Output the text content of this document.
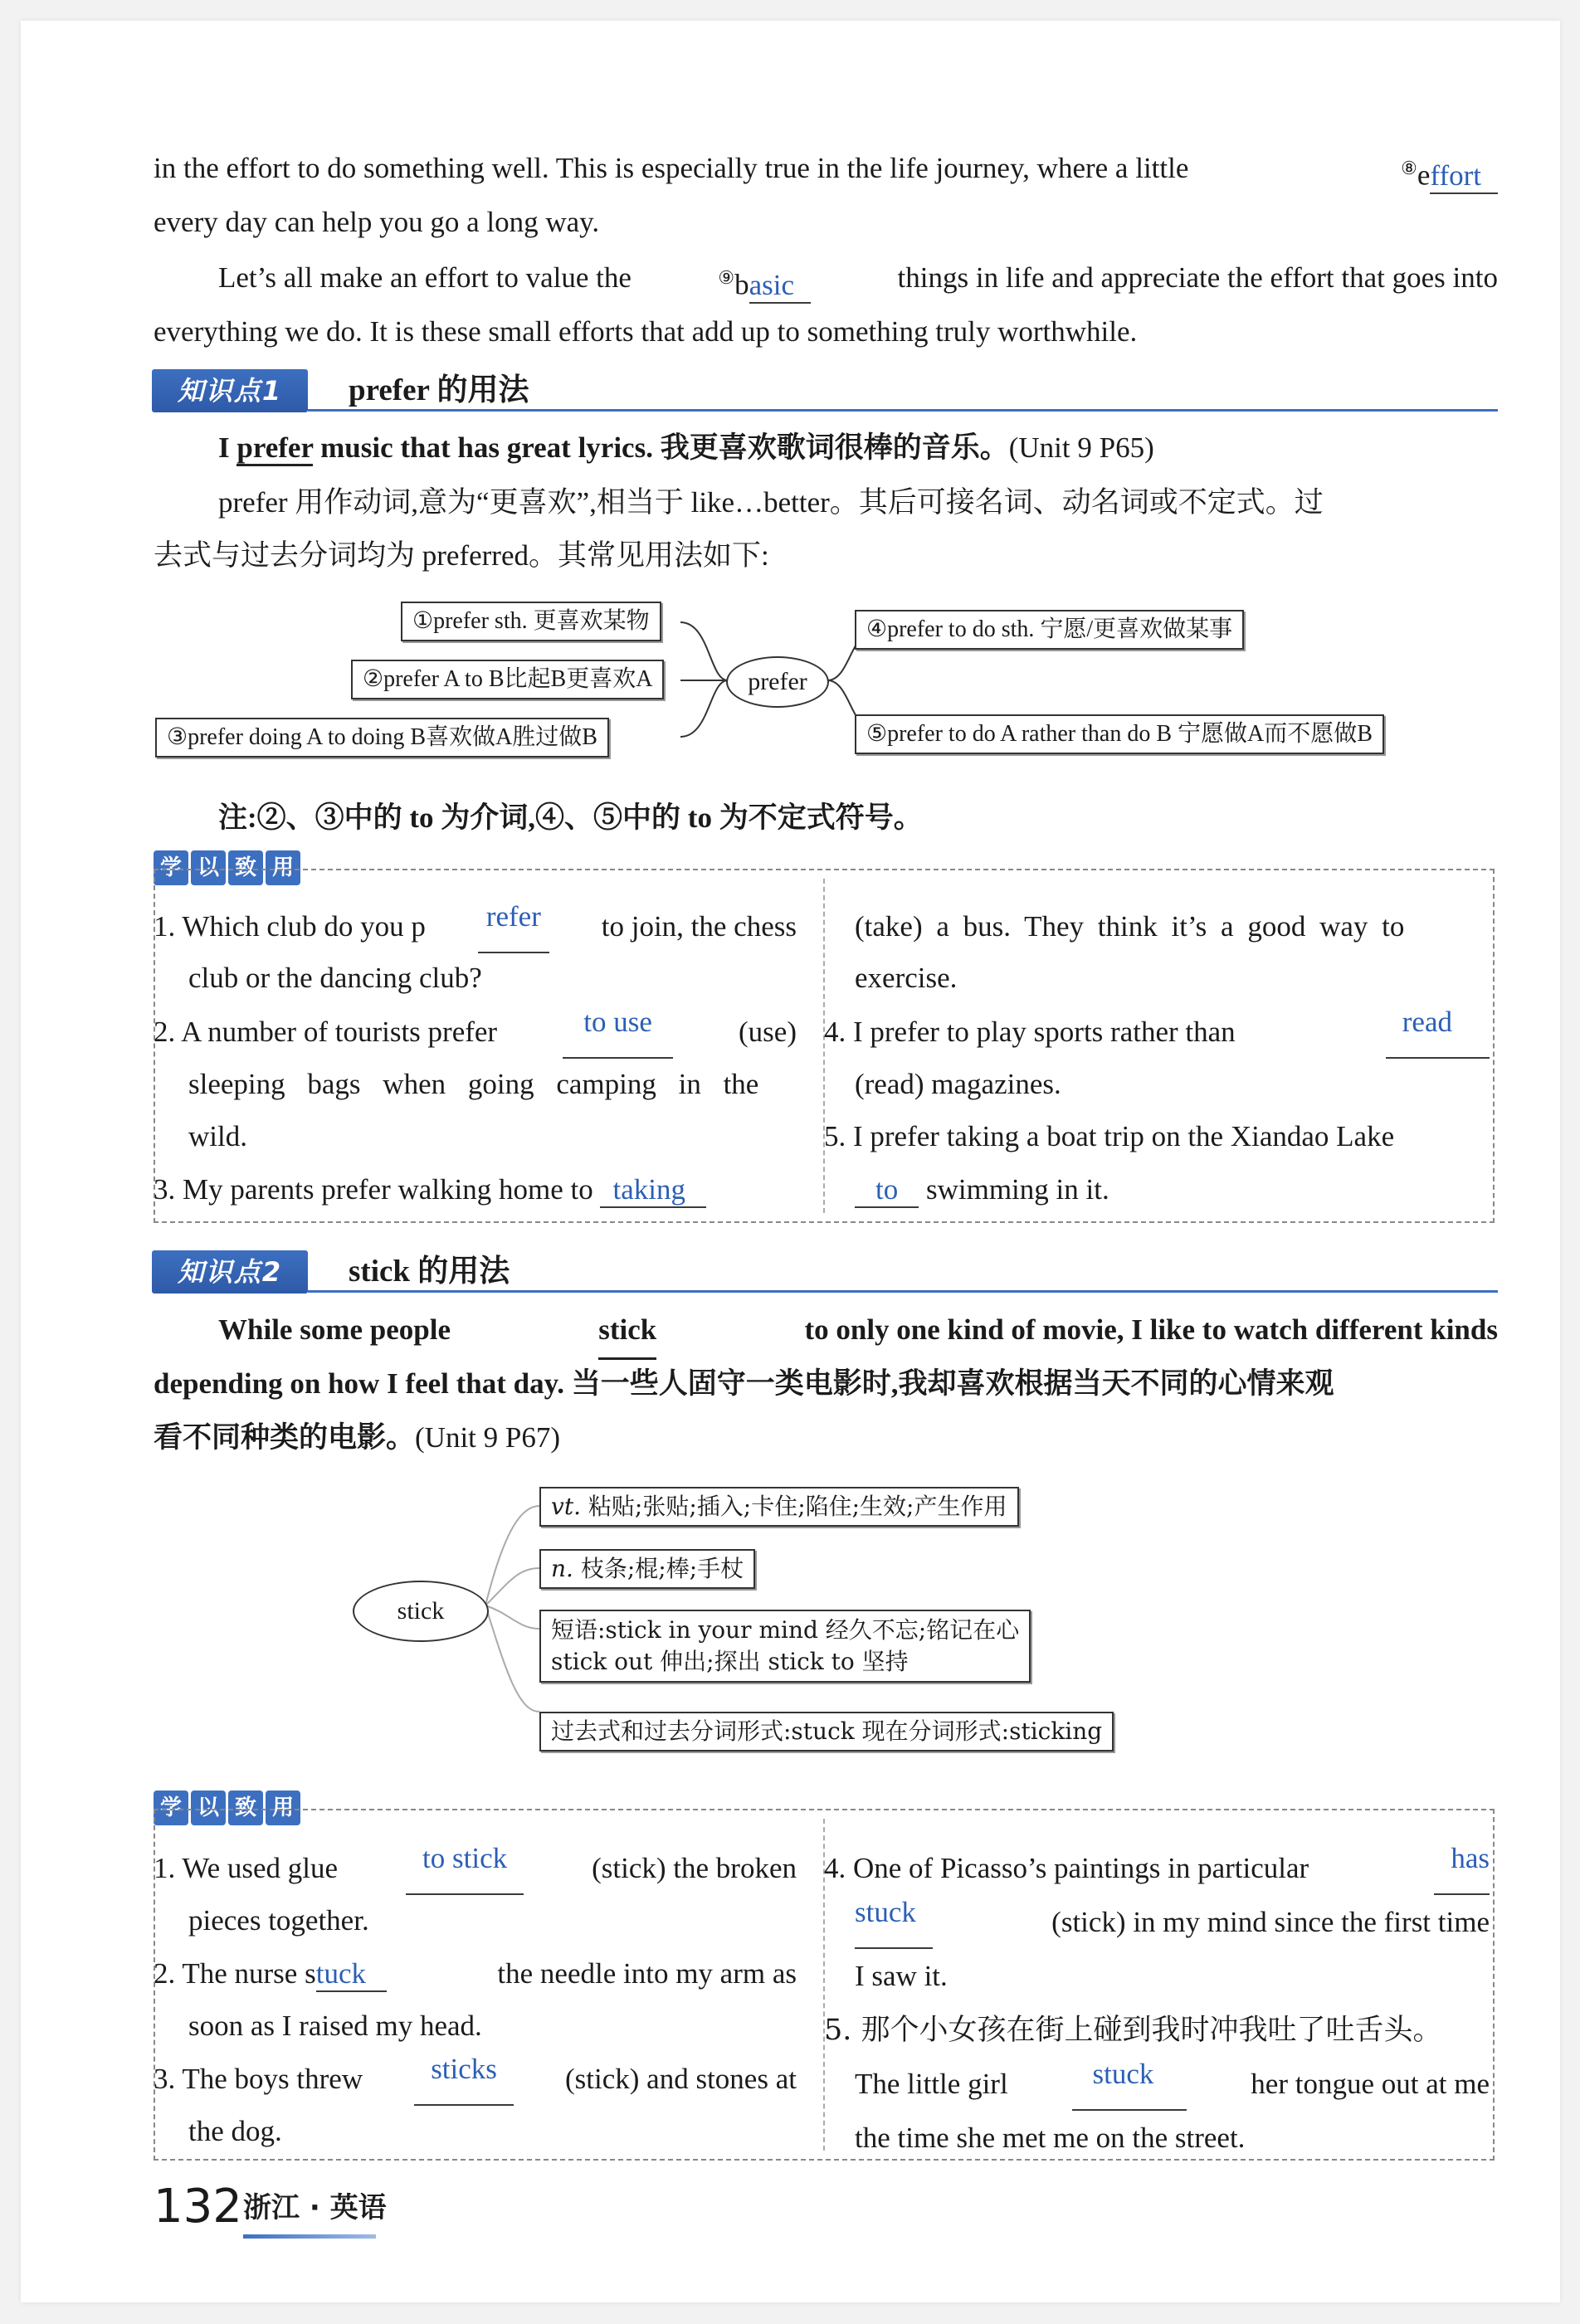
in the effort to do something well. This is especially true in the life journey, where a little	⑧effort
every day can help you go a long way.
Let’s all make an effort to value the	⑨basic	things in life and appreciate the effort that goes into
everything we do. It is these small efforts that add up to something truly worthwhile.
知识点1	prefer 的用法
I prefer music that has great lyrics. 我更喜欢歌词很棒的音乐。(Unit 9 P65)
prefer 用作动词,意为“更喜欢”,相当于 like…better。其后可接名词、动名词或不定式。过
去式与过去分词均为 preferred。其常见用法如下:
prefer
①prefer sth. 更喜欢某物
②prefer A to B比起B更喜欢A
③prefer doing A to doing B喜欢做A胜过做B
④prefer to do sth. 宁愿/更喜欢做某事
⑤prefer to do A rather than do B 宁愿做A而不愿做B
注:②、③中的 to 为介词,④、⑤中的 to 为不定式符号。
学 以 致 用
1. Which club do you p refer to join, the chess
club or the dancing club?
2. A number of tourists prefer	to use	(use)
sleeping bags when going camping in the
wild.
3. My parents prefer walking home to taking
(take) a bus. They think it’s a good way to
exercise.
4. I prefer to play sports rather than	read
(read) magazines.
5. I prefer taking a boat trip on the Xiandao Lake
to swimming in it.
知识点2	stick 的用法
While some people	stick	to only one kind of movie, I like to watch different kinds
depending on how I feel that day. 当一些人固守一类电影时,我却喜欢根据当天不同的心情来观
看不同种类的电影。(Unit 9 P67)
stick
vt. 粘贴;张贴;插入;卡住;陷住;生效;产生作用
n. 枝条;棍;棒;手杖
短语:stick in your mind 经久不忘;铭记在心
stick out 伸出;探出 stick to 坚持
过去式和过去分词形式:stuck 现在分词形式:sticking
学 以 致 用
1. We used glue	to stick	(stick) the broken
pieces together.
2. The nurse stuck	the needle into my arm as
soon as I raised my head.
3. The boys threw	sticks	(stick) and stones at
the dog.
4. One of Picasso’s paintings in particular	has
stuck	(stick) in my mind since the first time
I saw it.
5. 那个小女孩在街上碰到我时冲我吐了吐舌头。
The little girl	stuck	her tongue out at me
the time she met me on the street.
132 浙江 · 英语
